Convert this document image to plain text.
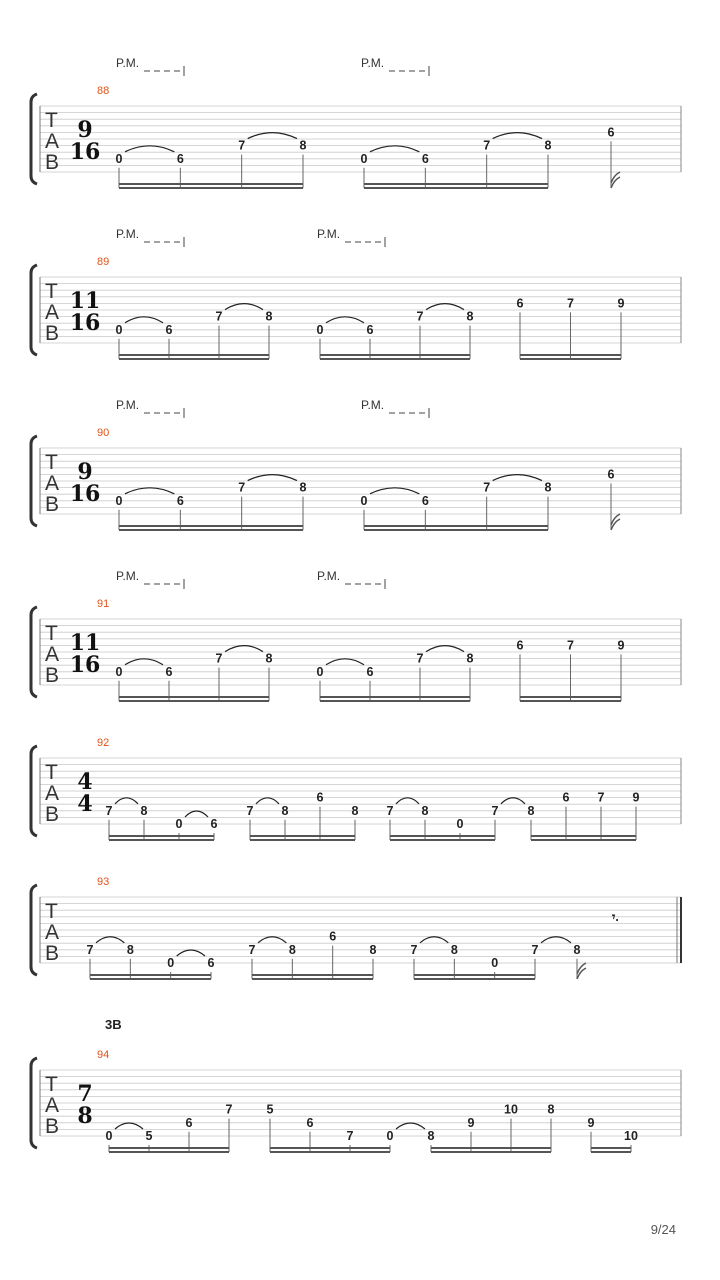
T
A
B
88
9
16
P.M.	P.M.
0	6
7	8
0	6
7	8
6
T
A
B
89
11
16
P.M.	P.M.
0	6
7	8
0	6
7	8
6	7	9
T
A
B
90
9
16
P.M.	P.M.
0	6
7	8
0	6
7	8
6
T
A
B
91
11
16
P.M.	P.M.
0	6
7	8
0	6
7	8
6	7	9
T
A
B
92
4
4 7 8
0 6
7 8
6
8 7 8
0
7 8
6 7 9
T
A
B
93
7	8
0	6
7	8
6
8	7	8
0
7	8
𝄾.
T
A
B
94
3B
7
8
0	5
6
7	5
6
7	0	8
9
10 8
9
10
9/24
